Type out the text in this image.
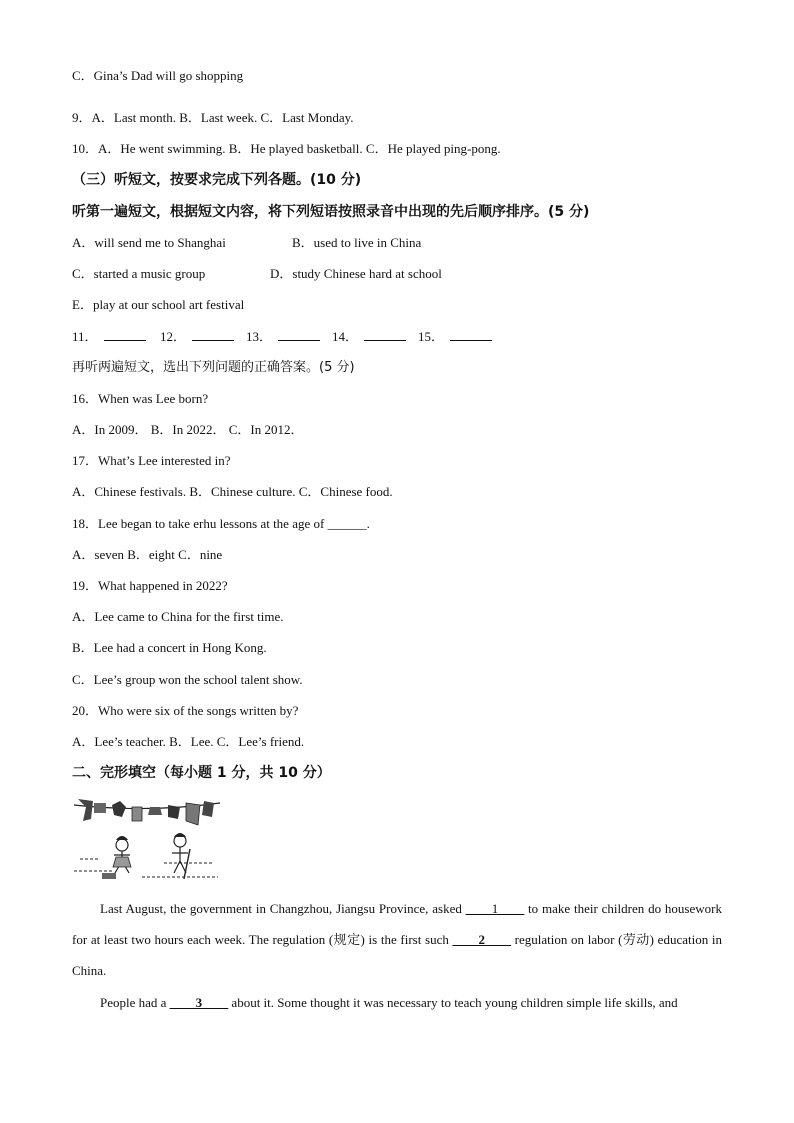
C．Gina’s Dad will go shopping
9．A．Last month. B．Last week. C．Last Monday.
10．A．He went swimming. B．He played basketball. C．He played ping-pong.
（三）听短文，按要求完成下列各题。(10 分)
听第一遍短文，根据短文内容，将下列短语按照录音中出现的先后顺序排序。(5 分)
A．will send me to Shanghai	B．used to live in China
C．started a music group	D．study Chinese hard at school
E．play at our school art festival
11．	12．	13．	14．	15．
再听两遍短文，选出下列问题的正确答案。(5 分)
16．When was Lee born?
A．In 2009． B．In 2022． C．In 2012．
17．What’s Lee interested in?
A．Chinese festivals. B．Chinese culture. C．Chinese food.
18．Lee began to take erhu lessons at the age of ______.
A．seven B．eight C．nine
19．What happened in 2022?
A．Lee came to China for the first time.
B．Lee had a concert in Hong Kong.
C．Lee’s group won the school talent show.
20．Who were six of the songs written by?
A．Lee’s teacher. B．Lee. C．Lee’s friend.
二、完形填空（每小题 1 分，共 10 分）
Last August, the government in Changzhou, Jiangsu Province, asked ____1____ to make their children do housework for at least two hours each week. The regulation (规定) is the first such ____2____ regulation on labor (劳动) education in China.
People had a ____3____ about it. Some thought it was necessary to teach young children simple life skills, and
